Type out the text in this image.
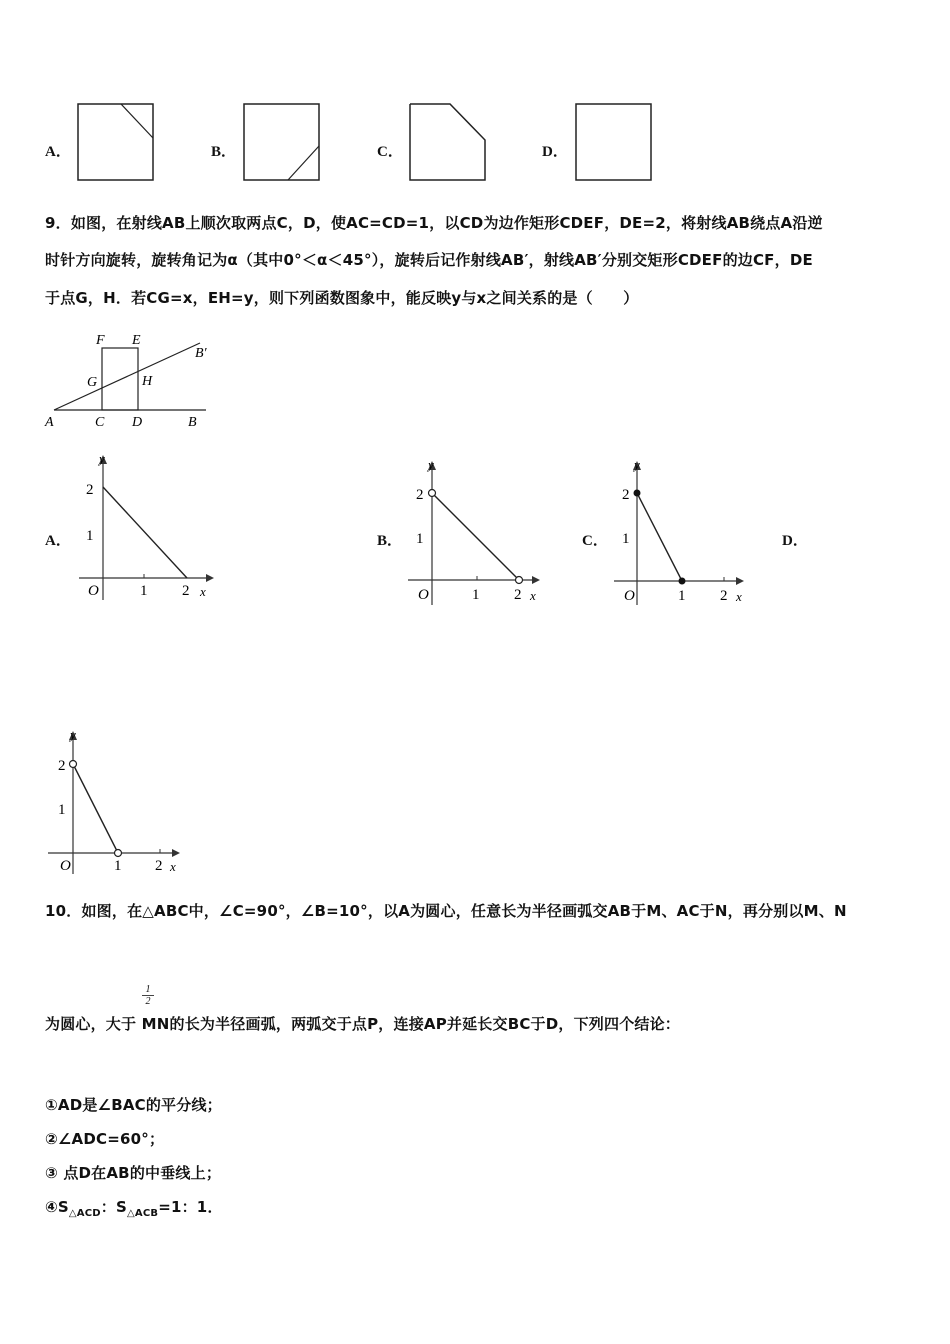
A．	B．	C．	D．
9．如图，在射线AB上顺次取两点C，D，使AC=CD=1，以CD为边作矩形CDEF，DE=2，将射线AB绕点A沿逆
时针方向旋转，旋转角记为α（其中0°＜α＜45°），旋转后记作射线AB′，射线AB′分别交矩形CDEF的边CF，DE
于点G，H．若CG=x，EH=y，则下列函数图象中，能反映y与x之间关系的是（　　）
F E
B′
G	H
A	C D	B
A．
y
2
1
O	1 2 x
B．
y
2
1
O	1 2 x
C．
y
2
1
O	1 2 x
D．
y
2
1
O	1 2 x
10．如图，在△ABC中，∠C=90°，∠B=10°，以A为圆心，任意长为半径画弧交AB于M、AC于N，再分别以M、N
$\frac{1}{2}$
为圆心，大于 MN的长为半径画弧，两弧交于点P，连接AP并延长交BC于D，下列四个结论：
①AD是∠BAC的平分线；
②∠ADC=60°；
③ 点D在AB的中垂线上；
$④S_{\triangle ACD}$：$S_{\triangle ACB}=1$：1．
